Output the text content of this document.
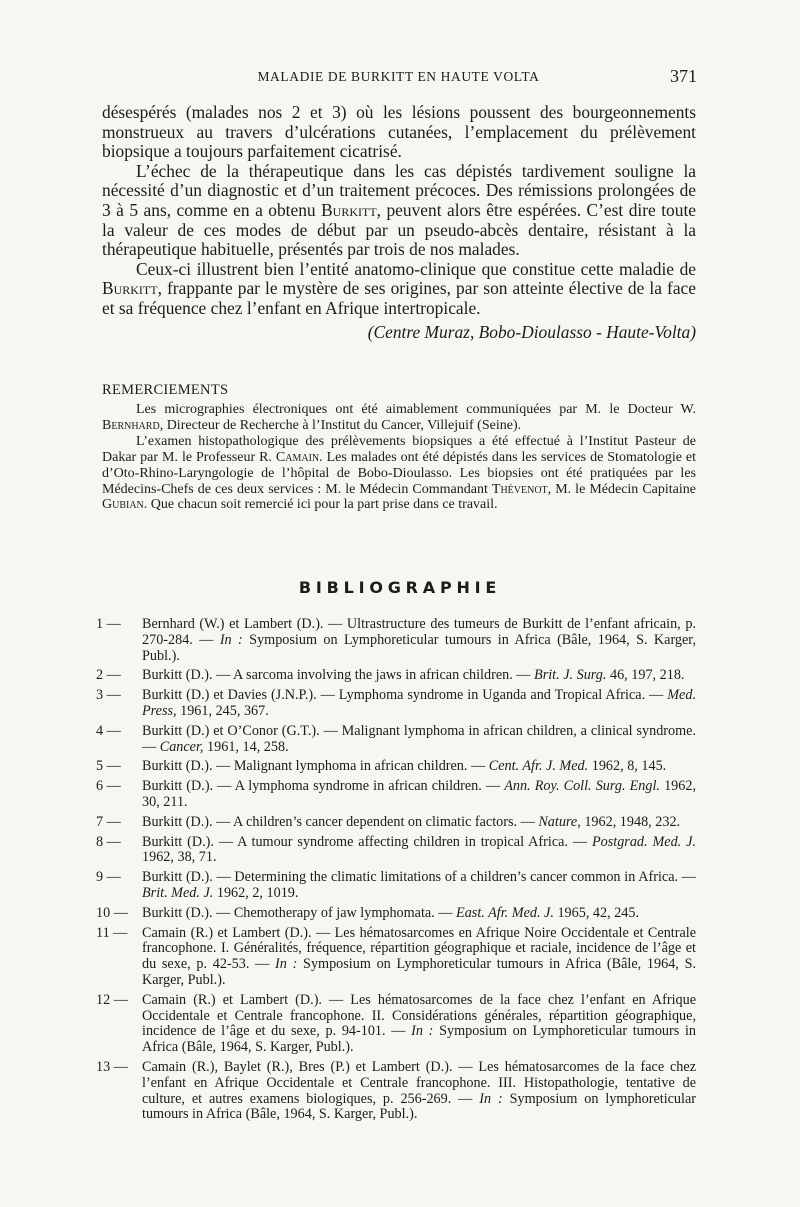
MALADIE DE BURKITT EN HAUTE VOLTA	371

désespérés (malades nos 2 et 3) où les lésions poussent des bourgeonnements monstrueux au travers d’ulcérations cutanées, l’emplacement du prélèvement biopsique a toujours parfaitement cicatrisé.

L’échec de la thérapeutique dans les cas dépistés tardivement souligne la nécessité d’un diagnostic et d’un traitement précoces. Des rémissions prolongées de 3 à 5 ans, comme en a obtenu Burkitt, peuvent alors être espérées. C’est dire toute la valeur de ces modes de début par un pseudo-abcès dentaire, résistant à la thérapeutique habituelle, présentés par trois de nos malades.

Ceux-ci illustrent bien l’entité anatomo-clinique que constitue cette maladie de Burkitt, frappante par le mystère de ses origines, par son atteinte élective de la face et sa fréquence chez l’enfant en Afrique intertropicale.

(Centre Muraz, Bobo-Dioulasso - Haute-Volta)

REMERCIEMENTS

Les micrographies électroniques ont été aimablement communiquées par M. le Docteur W. Bernhard, Directeur de Recherche à l’Institut du Cancer, Villejuif (Seine).

L’examen histopathologique des prélèvements biopsiques a été effectué à l’Institut Pasteur de Dakar par M. le Professeur R. Camain. Les malades ont été dépistés dans les services de Stomatologie et d’Oto-Rhino-Laryngologie de l’hôpital de Bobo-Dioulasso. Les biopsies ont été pratiquées par les Médecins-Chefs de ces deux services : M. le Médecin Commandant Thévenot, M. le Médecin Capitaine Gubian. Que chacun soit remercié ici pour la part prise dans ce travail.

BIBLIOGRAPHIE
1 —	Bernhard (W.) et Lambert (D.). — Ultrastructure des tumeurs de Burkitt de l’enfant africain, p. 270-284. — In : Symposium on Lymphoreticular tumours in Africa (Bâle, 1964, S. Karger, Publ.).
2 —	Burkitt (D.). — A sarcoma involving the jaws in african children. — Brit. J. Surg. 46, 197, 218.
3 —	Burkitt (D.) et Davies (J.N.P.). — Lymphoma syndrome in Uganda and Tropical Africa. — Med. Press, 1961, 245, 367.
4 —	Burkitt (D.) et O’Conor (G.T.). — Malignant lymphoma in african children, a clinical syndrome. — Cancer, 1961, 14, 258.
5 —	Burkitt (D.). — Malignant lymphoma in african children. — Cent. Afr. J. Med. 1962, 8, 145.
6 —	Burkitt (D.). — A lymphoma syndrome in african children. — Ann. Roy. Coll. Surg. Engl. 1962, 30, 211.
7 —	Burkitt (D.). — A children’s cancer dependent on climatic factors. — Nature, 1962, 1948, 232.
8 —	Burkitt (D.). — A tumour syndrome affecting children in tropical Africa. — Postgrad. Med. J. 1962, 38, 71.
9 —	Burkitt (D.). — Determining the climatic limitations of a children’s cancer common in Africa. — Brit. Med. J. 1962, 2, 1019.
10 — Burkitt (D.). — Chemotherapy of jaw lymphomata. — East. Afr. Med. J. 1965, 42, 245.
11 —	Camain (R.) et Lambert (D.). — Les hématosarcomes en Afrique Noire Occidentale et Centrale francophone. I. Généralités, fréquence, répartition géographique et raciale, incidence de l’âge et du sexe, p. 42-53. — In : Symposium on Lymphoreticular tumours in Africa (Bâle, 1964, S. Karger, Publ.).
12 — Camain (R.) et Lambert (D.). — Les hématosarcomes de la face chez l’enfant en Afrique Occidentale et Centrale francophone. II. Considérations générales, répartition géographique, incidence de l’âge et du sexe, p. 94-101. — In : Symposium on Lymphoreticular tumours in Africa (Bâle, 1964, S. Karger, Publ.).
13 — Camain (R.), Baylet (R.), Bres (P.) et Lambert (D.). — Les hématosarcomes de la face chez l’enfant en Afrique Occidentale et Centrale francophone. III. Histopathologie, tentative de culture, et autres examens biologiques, p. 256-269. — In : Symposium on lymphoreticular tumours in Africa (Bâle, 1964, S. Karger, Publ.).
